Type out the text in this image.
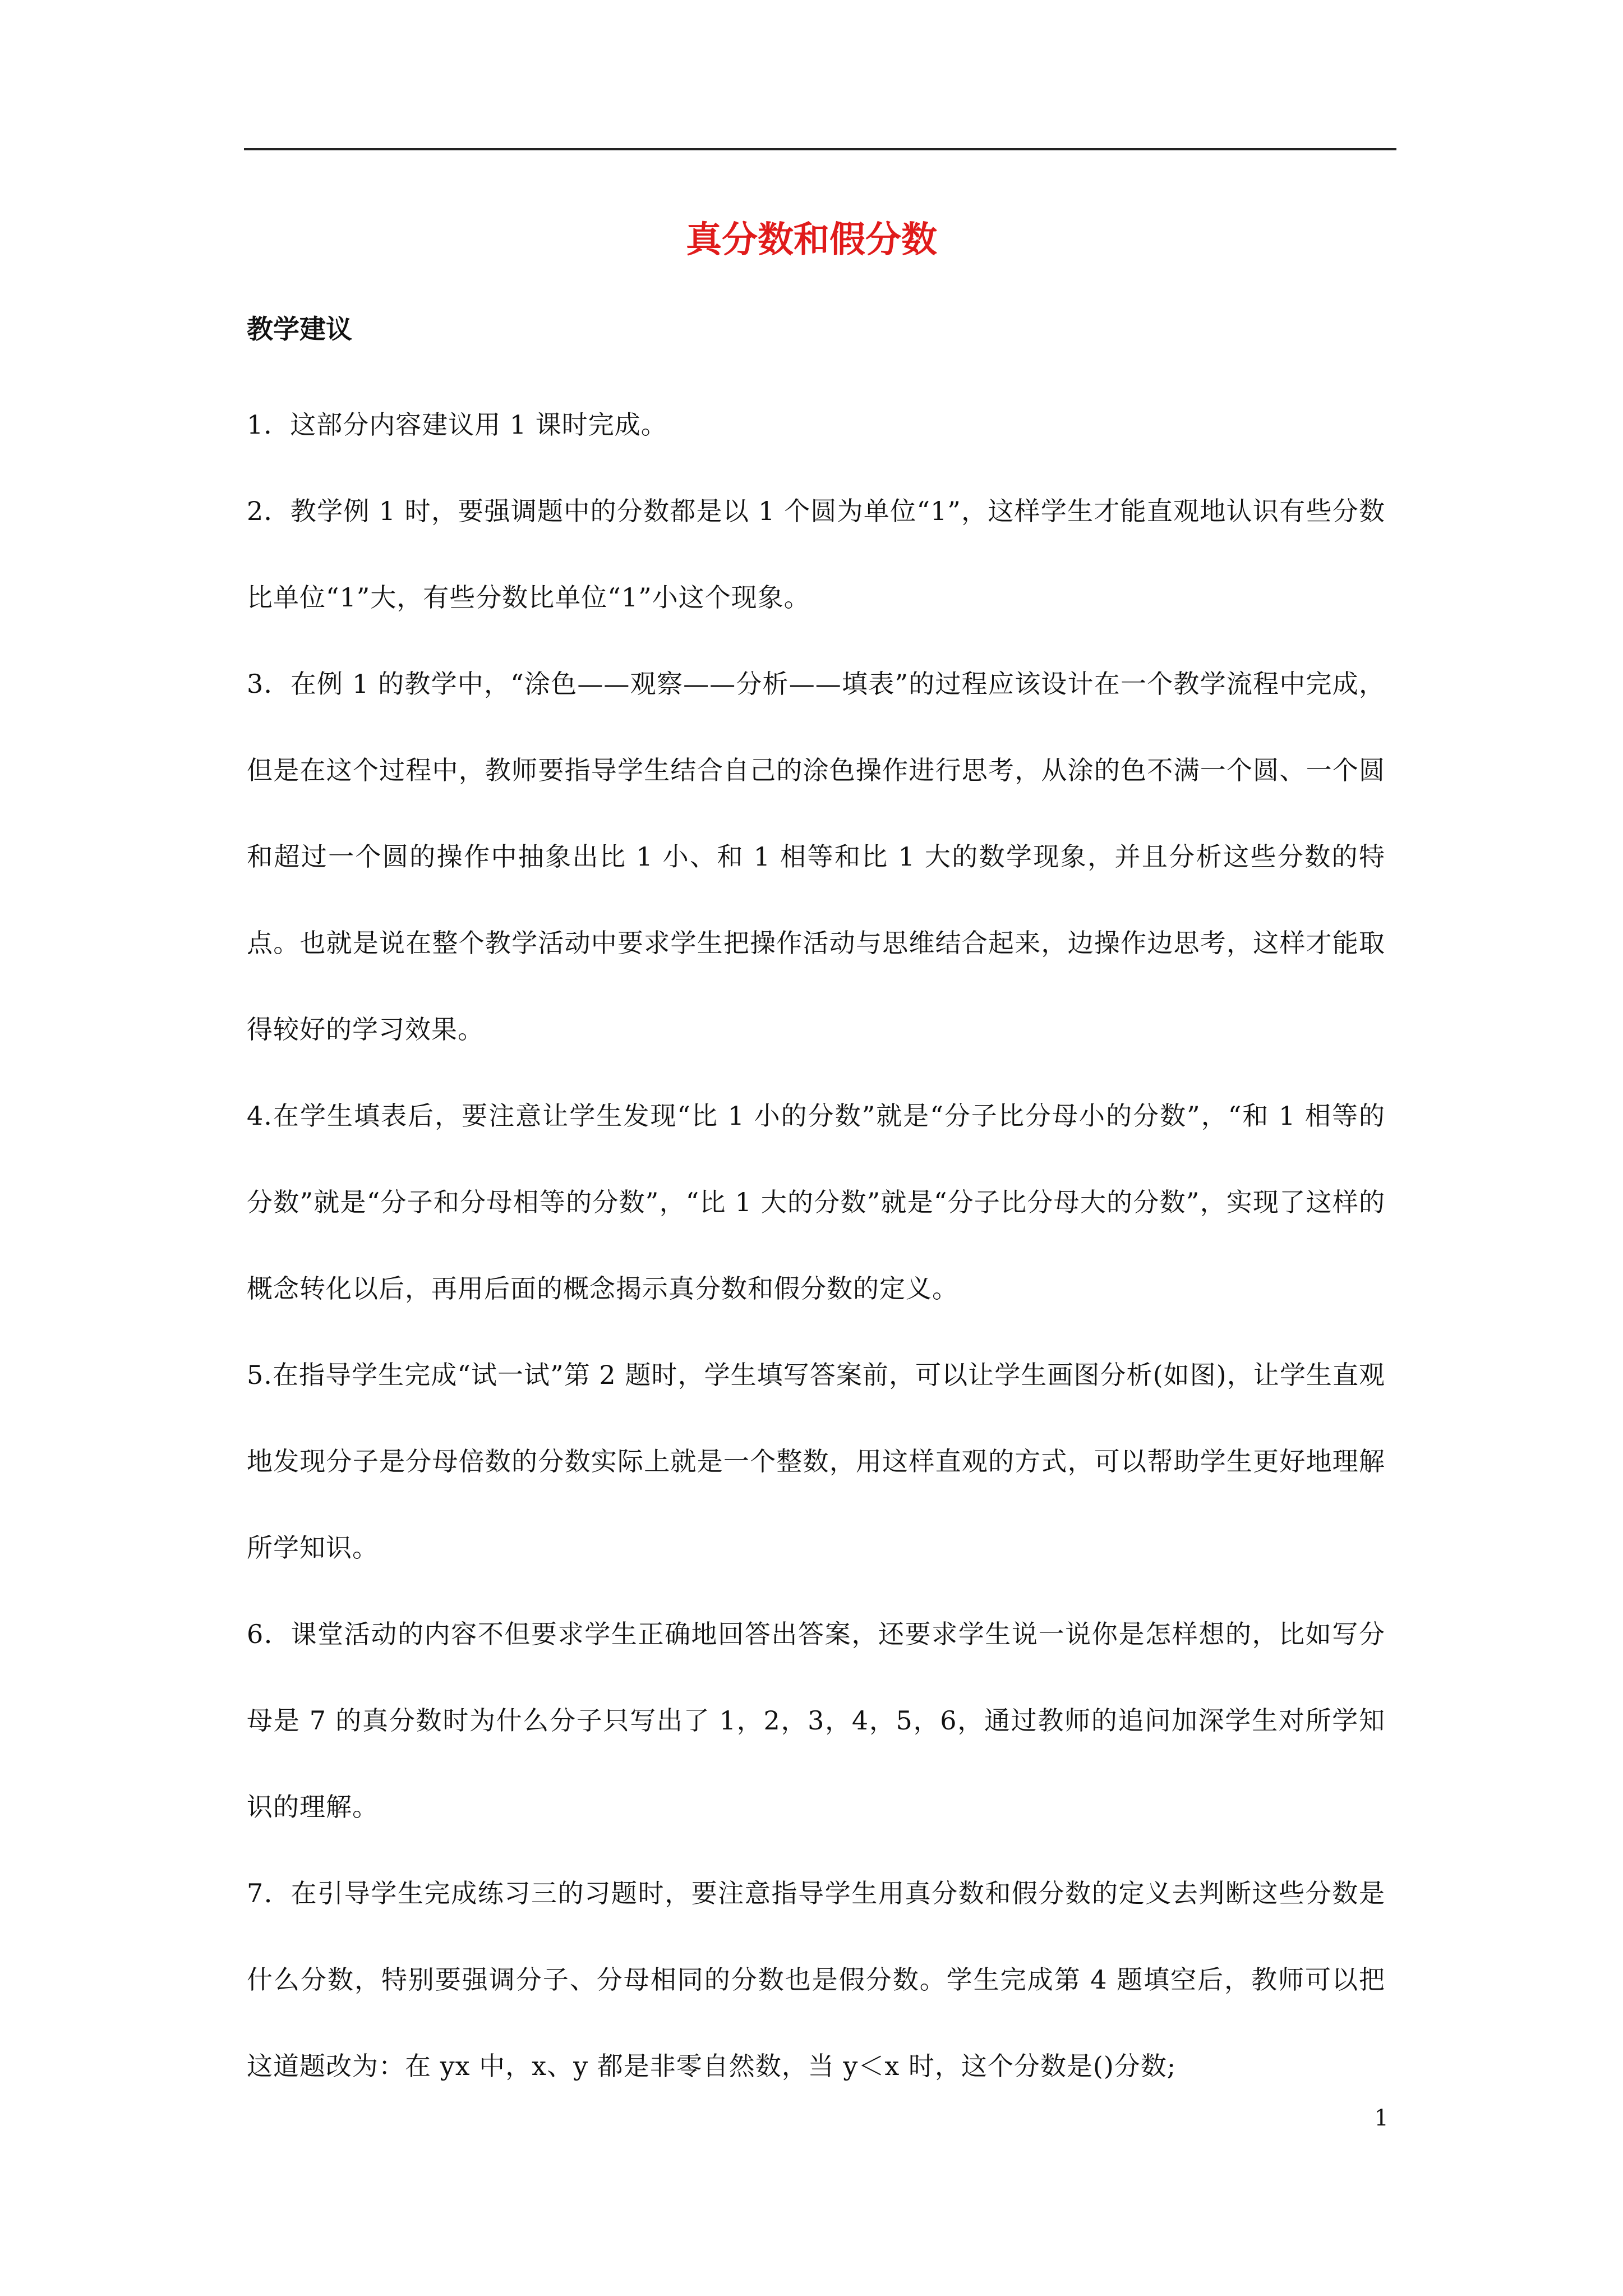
真分数和假分数
教学建议

1．这部分内容建议用 1 课时完成。

2．教学例 1 时，要强调题中的分数都是以 1 个圆为单位“1”，这样学生才能直观地认识有些分数比单位“1”大，有些分数比单位“1”小这个现象。

3．在例 1 的教学中，“涂色——观察——分析——填表”的过程应该设计在一个教学流程中完成，但是在这个过程中，教师要指导学生结合自己的涂色操作进行思考，从涂的色不满一个圆、一个圆和超过一个圆的操作中抽象出比 1 小、和 1 相等和比 1 大的数学现象，并且分析这些分数的特点。也就是说在整个教学活动中要求学生把操作活动与思维结合起来，边操作边思考，这样才能取得较好的学习效果。

4.在学生填表后，要注意让学生发现“比 1 小的分数”就是“分子比分母小的分数”，“和 1 相等的分数”就是“分子和分母相等的分数”，“比 1 大的分数”就是“分子比分母大的分数”，实现了这样的概念转化以后，再用后面的概念揭示真分数和假分数的定义。

5.在指导学生完成“试一试”第 2 题时，学生填写答案前，可以让学生画图分析(如图)，让学生直观地发现分子是分母倍数的分数实际上就是一个整数，用这样直观的方式，可以帮助学生更好地理解所学知识。

6．课堂活动的内容不但要求学生正确地回答出答案，还要求学生说一说你是怎样想的，比如写分母是 7 的真分数时为什么分子只写出了 1，2，3，4，5，6，通过教师的追问加深学生对所学知识的理解。

7．在引导学生完成练习三的习题时，要注意指导学生用真分数和假分数的定义去判断这些分数是什么分数，特别要强调分子、分母相同的分数也是假分数。学生完成第 4 题填空后，教师可以把这道题改为：在 yx 中，x、y 都是非零自然数，当 y＜x 时，这个分数是()分数;

1
